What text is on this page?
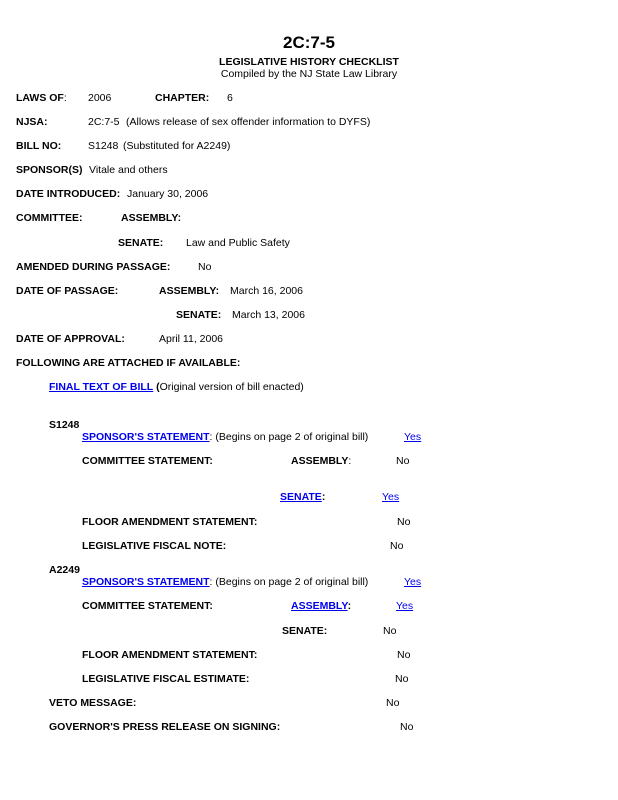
2C:7-5
LEGISLATIVE HISTORY CHECKLIST
Compiled by the NJ State Law Library
LAWS OF: 2006	CHAPTER: 6
NJSA:	2C:7-5 (Allows release of sex offender information to DYFS)
BILL NO:	S1248 (Substituted for A2249)
SPONSOR(S) Vitale and others
DATE INTRODUCED: January 30, 2006
COMMITTEE:	ASSEMBLY:
SENATE: Law and Public Safety
AMENDED DURING PASSAGE:	No
DATE OF PASSAGE:	ASSEMBLY: March 16, 2006
SENATE: March 13, 2006
DATE OF APPROVAL:	April 11, 2006
FOLLOWING ARE ATTACHED IF AVAILABLE:
FINAL TEXT OF BILL (Original version of bill enacted)
S1248
SPONSOR'S STATEMENT: (Begins on page 2 of original bill)	Yes
COMMITTEE STATEMENT:	ASSEMBLY:	No
SENATE:	Yes
FLOOR AMENDMENT STATEMENT:	No
LEGISLATIVE FISCAL NOTE:	No
A2249
SPONSOR'S STATEMENT: (Begins on page 2 of original bill)	Yes
COMMITTEE STATEMENT:	ASSEMBLY:	Yes
SENATE:	No
FLOOR AMENDMENT STATEMENT:	No
LEGISLATIVE FISCAL ESTIMATE:	No
VETO MESSAGE:	No
GOVERNOR'S PRESS RELEASE ON SIGNING:	No
